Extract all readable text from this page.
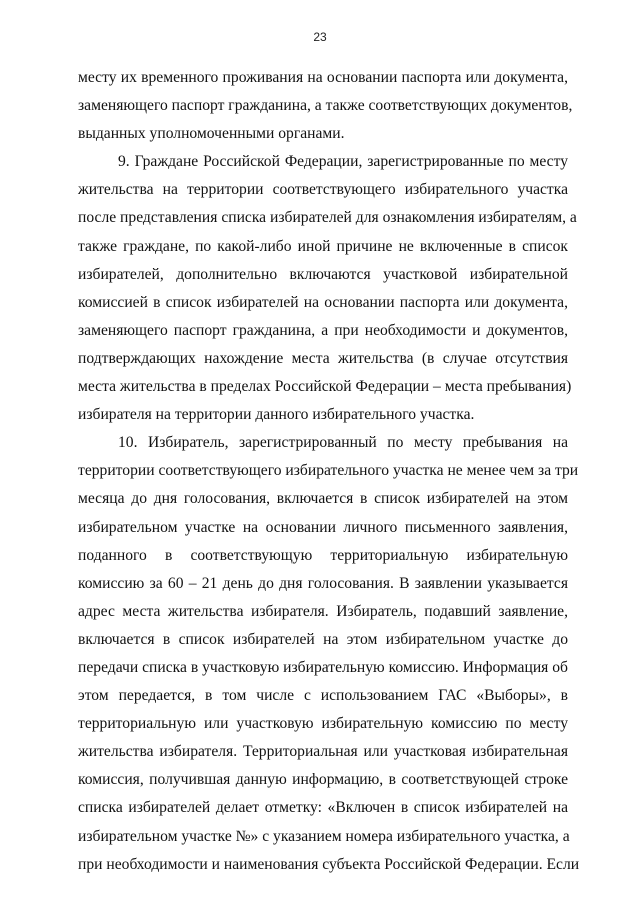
23
месту их временного проживания на основании паспорта или документа,
заменяющего паспорт гражданина, а также соответствующих документов,
выданных уполномоченными органами.
9. Граждане Российской Федерации, зарегистрированные по месту
жительства на территории соответствующего избирательного участка
после представления списка избирателей для ознакомления избирателям, а
также граждане, по какой-либо иной причине не включенные в список
избирателей, дополнительно включаются участковой избирательной
комиссией в список избирателей на основании паспорта или документа,
заменяющего паспорт гражданина, а при необходимости и документов,
подтверждающих нахождение места жительства (в случае отсутствия
места жительства в пределах Российской Федерации – места пребывания)
избирателя на территории данного избирательного участка.
10. Избиратель, зарегистрированный по месту пребывания на
территории соответствующего избирательного участка не менее чем за три
месяца до дня голосования, включается в список избирателей на этом
избирательном участке на основании личного письменного заявления,
поданного в соответствующую территориальную избирательную
комиссию за 60 – 21 день до дня голосования. В заявлении указывается
адрес места жительства избирателя. Избиратель, подавший заявление,
включается в список избирателей на этом избирательном участке до
передачи списка в участковую избирательную комиссию. Информация об
этом передается, в том числе с использованием ГАС «Выборы», в
территориальную или участковую избирательную комиссию по месту
жительства избирателя. Территориальная или участковая избирательная
комиссия, получившая данную информацию, в соответствующей строке
списка избирателей делает отметку: «Включен в список избирателей на
избирательном участке №» с указанием номера избирательного участка, а
при необходимости и наименования субъекта Российской Федерации. Если
